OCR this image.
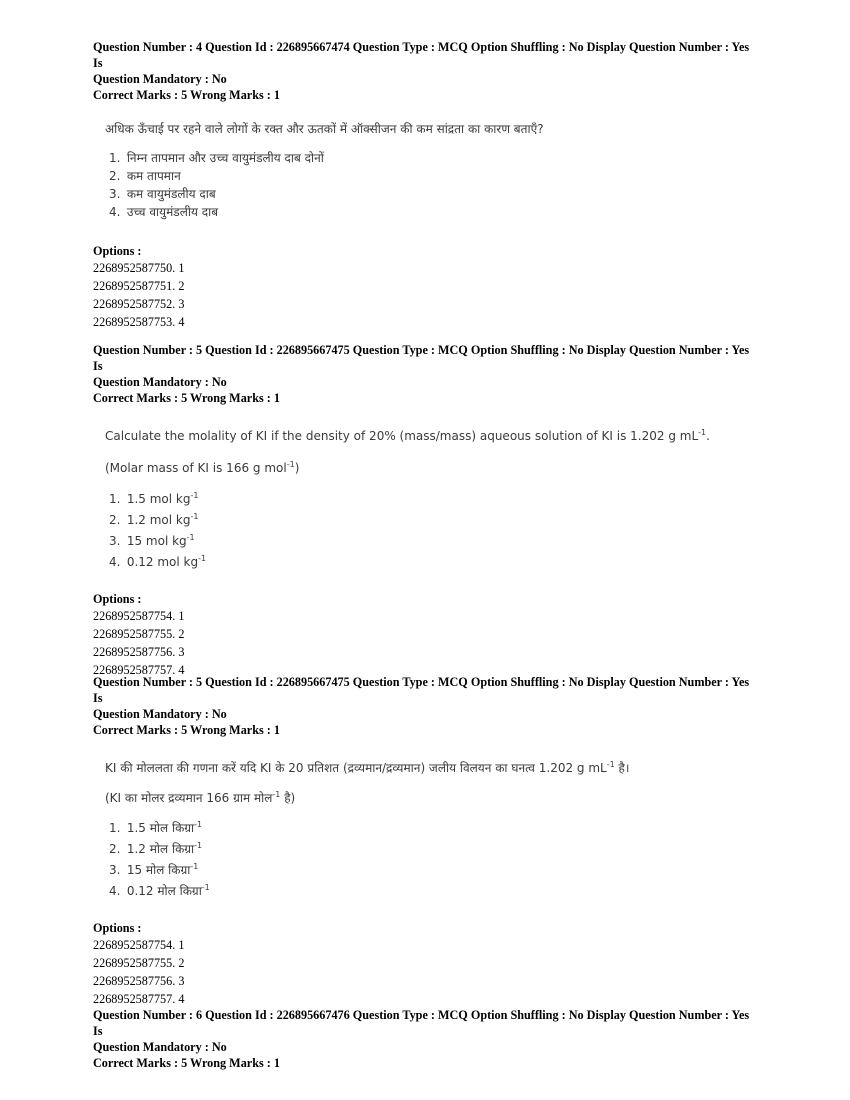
Question Number : 4 Question Id : 226895667474 Question Type : MCQ Option Shuffling : No Display Question Number : Yes Is

Question Mandatory : No

Correct Marks : 5 Wrong Marks : 1

अधिक ऊँचाई पर रहने वाले लोगों के रक्त और ऊतकों में ऑक्सीजन की कम सांद्रता का कारण बताएँ?

1. निम्न तापमान और उच्च वायुमंडलीय दाब दोनों

2. कम तापमान

3. कम वायुमंडलीय दाब

4. उच्च वायुमंडलीय दाब

Options :

2268952587750. 1

2268952587751. 2

2268952587752. 3

2268952587753. 4

Question Number : 5 Question Id : 226895667475 Question Type : MCQ Option Shuffling : No Display Question Number : Yes Is

Question Mandatory : No

Correct Marks : 5 Wrong Marks : 1

Calculate the molality of KI if the density of 20% (mass/mass) aqueous solution of KI is 1.202 g $mL^{-1}$.

(Molar mass of KI is 166 g mol$^{-1}$)

1. 1.5 mol $kg^{-1}$

2. 1.2 mol $kg^{-1}$

3. 15 mol $kg^{-1}$

4. 0.12 mol $kg^{-1}$

Options :

2268952587754. 1

2268952587755. 2

2268952587756. 3

2268952587757. 4

Question Number : 5 Question Id : 226895667475 Question Type : MCQ Option Shuffling : No Display Question Number : Yes Is

Question Mandatory : No

Correct Marks : 5 Wrong Marks : 1

KI की मोललता की गणना करें यदि KI के 20 प्रतिशत (द्रव्यमान/द्रव्यमान) जलीय विलयन का घनत्व 1.202 g $mL^{-1}$ है।

(KI का मोलर द्रव्यमान 166 ग्राम मोल$^{-1}$ है)

1. 1.5 मोल किग्रा$^{-1}$

2. 1.2 मोल किग्रा$^{-1}$

3. 15 मोल किग्रा$^{-1}$

4. 0.12 मोल किग्रा$^{-1}$

Options :

2268952587754. 1

2268952587755. 2

2268952587756. 3

2268952587757. 4

Question Number : 6 Question Id : 226895667476 Question Type : MCQ Option Shuffling : No Display Question Number : Yes Is

Question Mandatory : No

Correct Marks : 5 Wrong Marks : 1
